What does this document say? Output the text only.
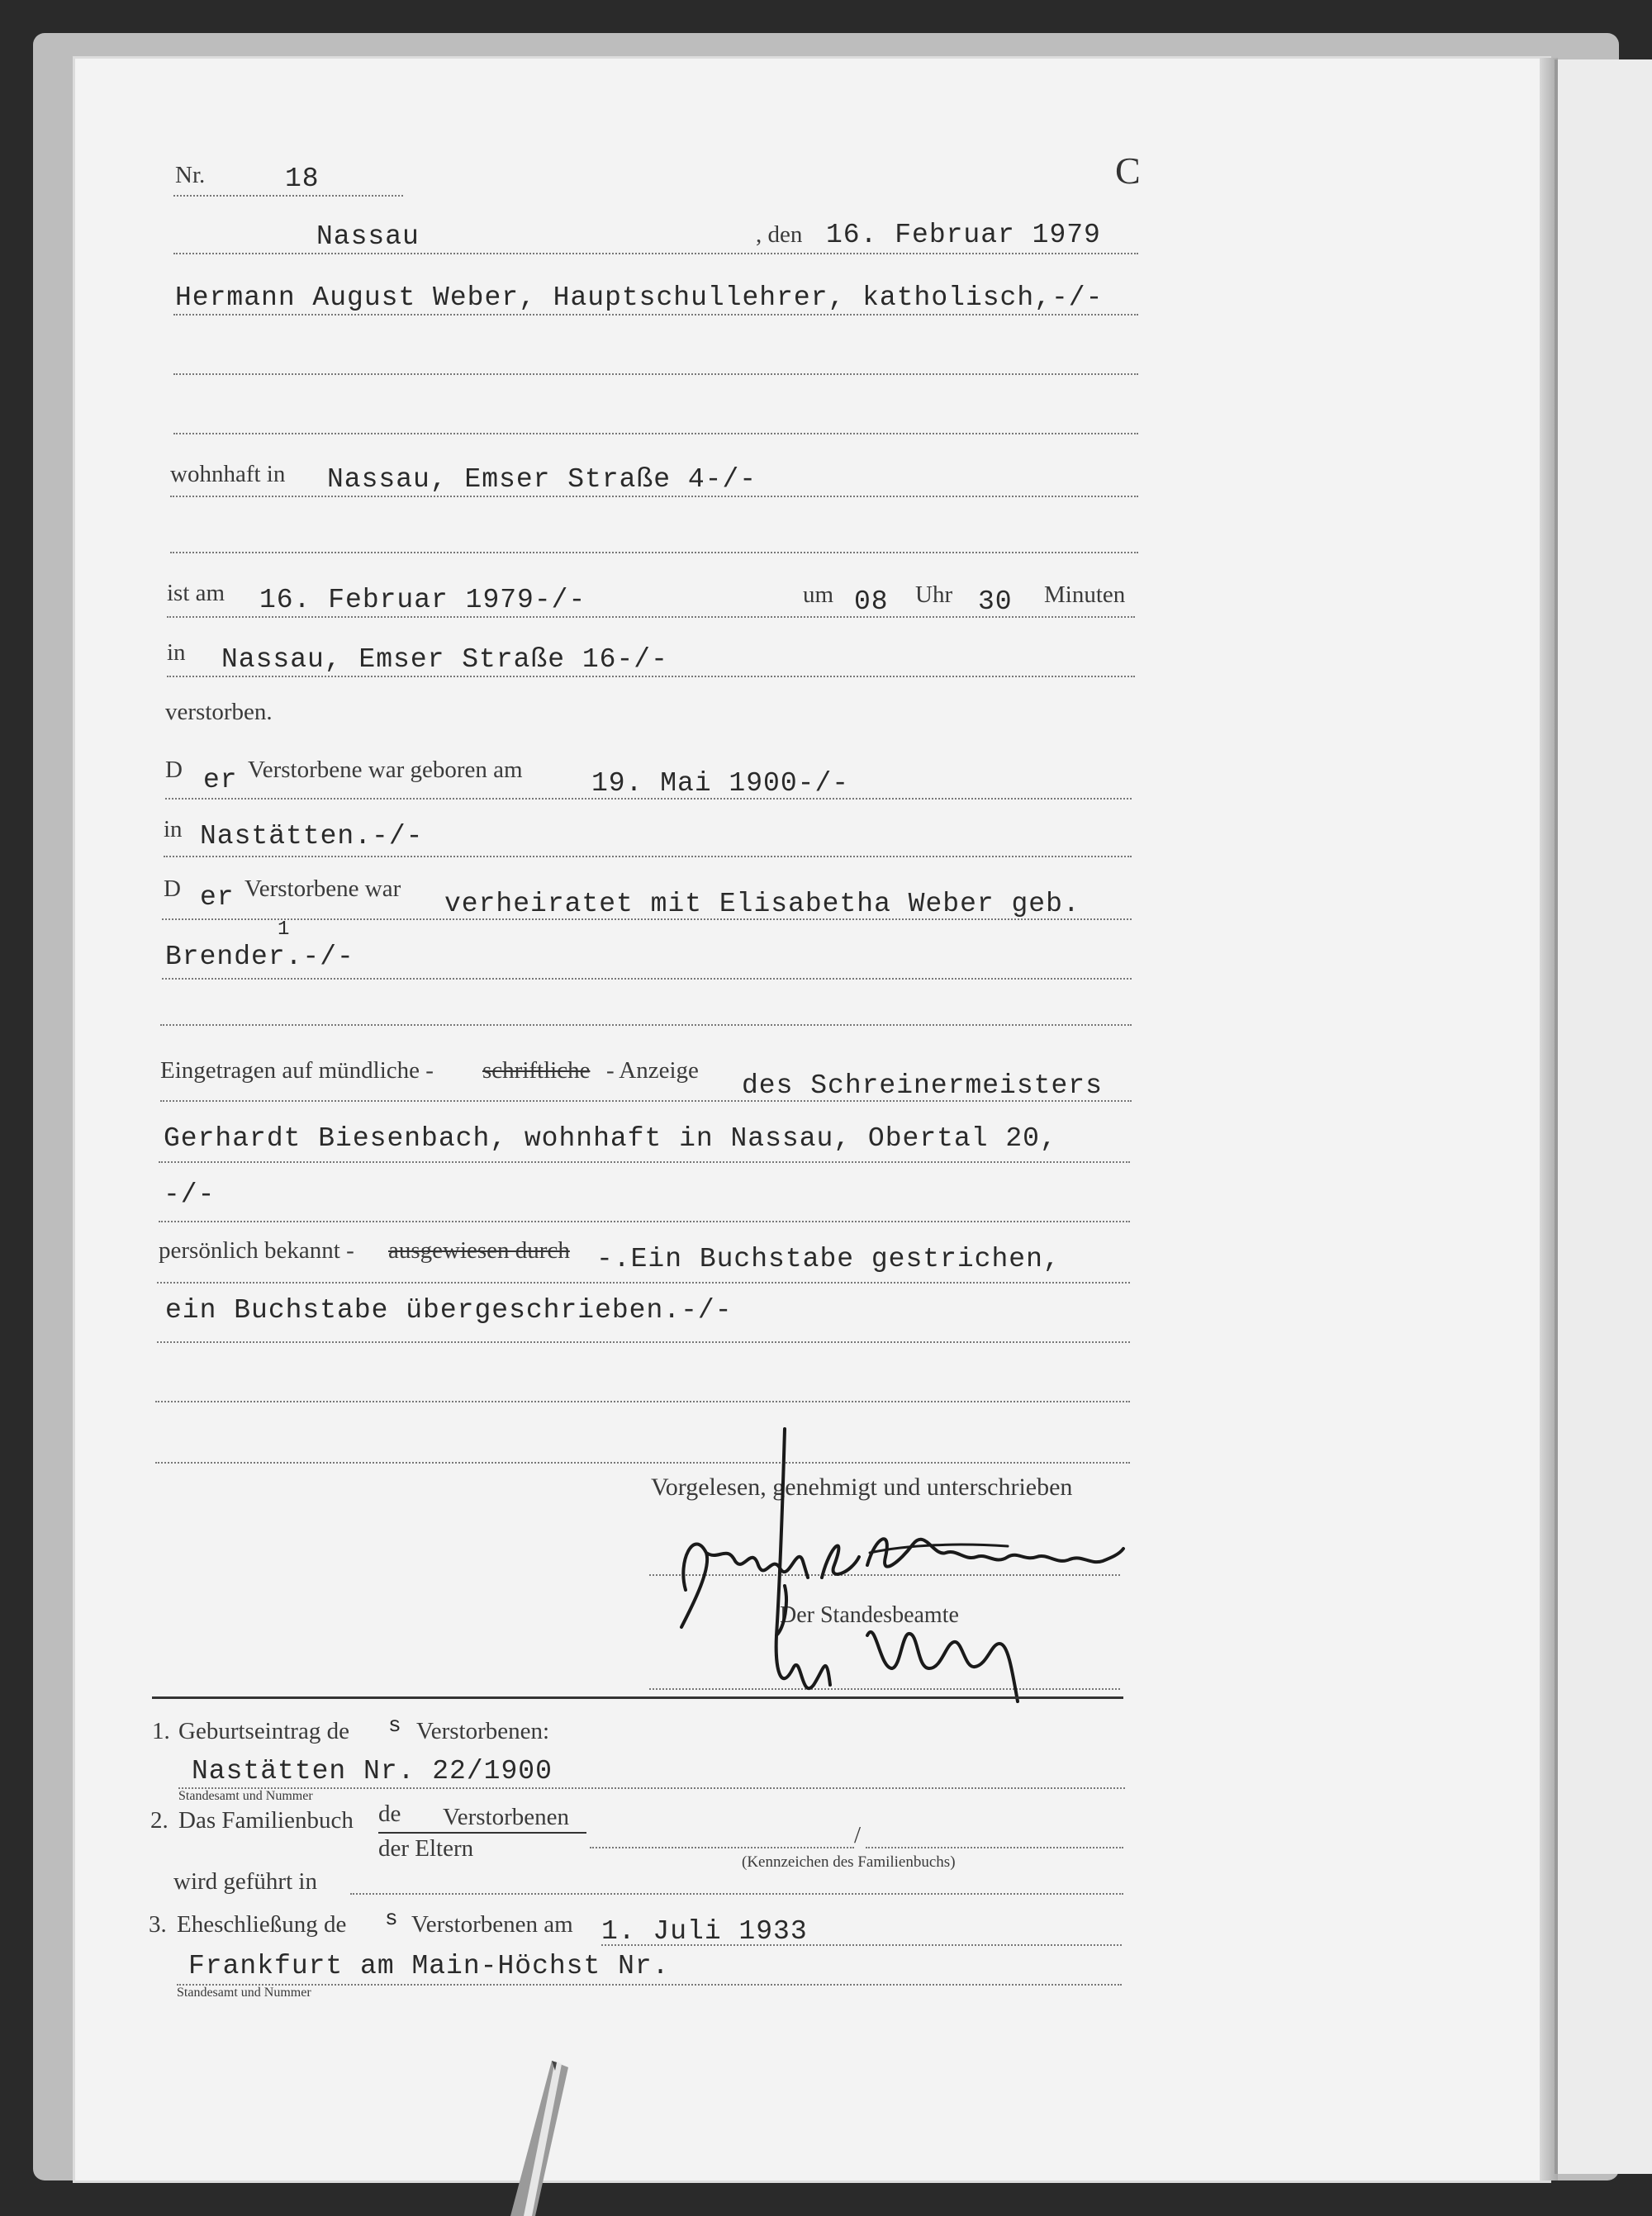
Nr.	18	C
Nassau	, den 16. Februar 1979
Hermann August Weber, Hauptschullehrer, katholisch,-/-
wohnhaft in Nassau, Emser Straße 4-/-
ist am 16. Februar 1979-/-	um 08 Uhr 30 Minuten
in Nassau, Emser Straße 16-/-
verstorben.
D er Verstorbene war geboren am	19. Mai 1900-/-
in Nastätten.-/-
D er Verstorbene war verheiratet mit Elisabetha Weber geb.
Brender.-/-
1
Eingetragen auf mündliche - schriftliche - Anzeige des Schreinermeisters
Gerhardt Biesenbach, wohnhaft in Nassau, Obertal 20,
-/-
persönlich bekannt - ausgewiesen durch -.Ein Buchstabe gestrichen,
ein Buchstabe übergeschrieben.-/-
Vorgelesen, genehmigt und unterschrieben
Der Standesbeamte
1. Geburtseintrag de s Verstorbenen:
Nastätten Nr. 22/1900
Standesamt und Nummer
2. Das Familienbuch de Verstorbenen
der Eltern	/
(Kennzeichen des Familienbuchs)
wird geführt in
3. Eheschließung de s Verstorbenen am 1. Juli 1933
Frankfurt am Main-Höchst Nr.
Standesamt und Nummer
